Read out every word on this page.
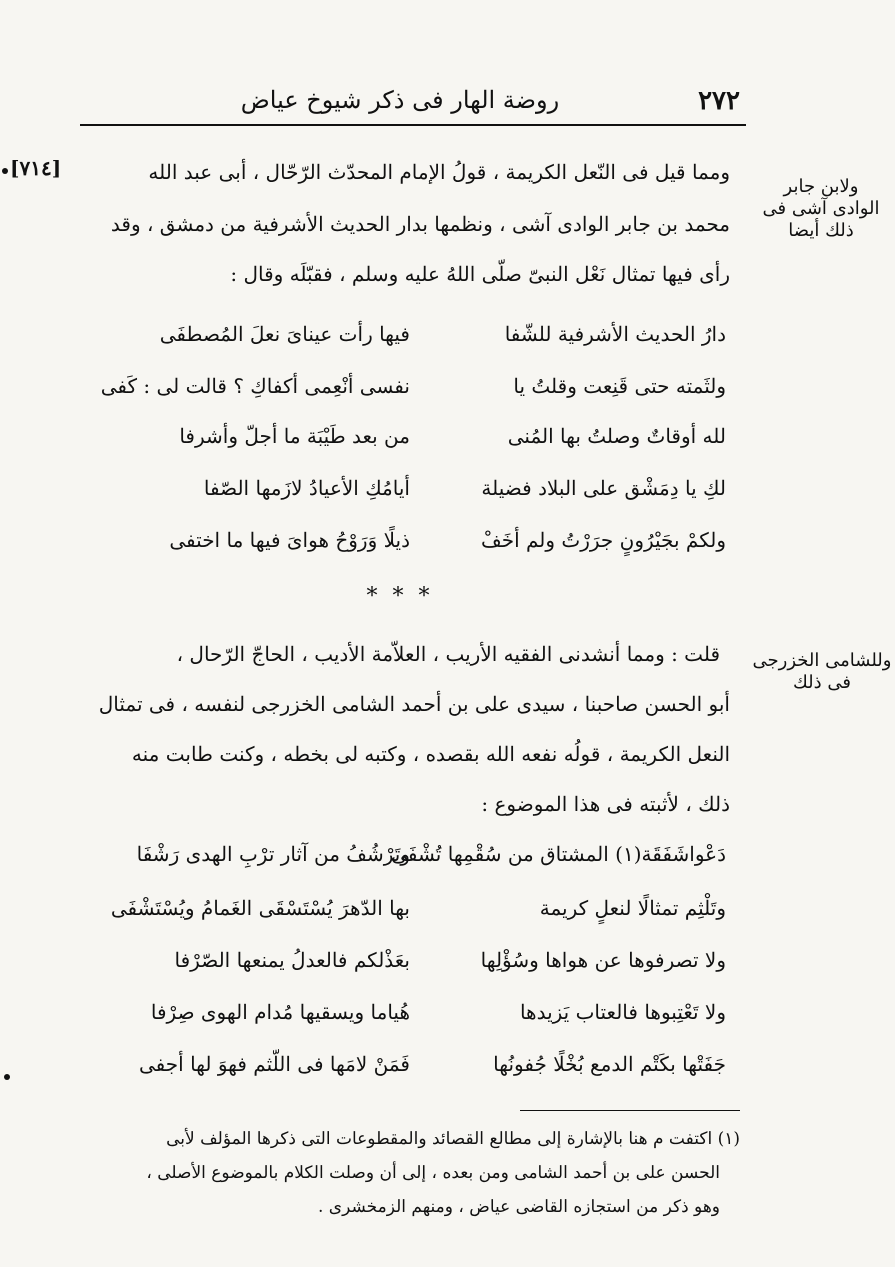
٢٧٢
روضة الهار فى ذكر شيوخ عياض
[٧١٤]
ولابن جابر
الوادى آشى فى
ذلك أيضا
ومما قيل فى النّعل الكريمة ، قولُ الإمام المحدّث الرّحّال ، أبى عبد الله
محمد بن جابر الوادى آشى ، ونظمها بدار الحديث الأشرفية من دمشق ، وقد
رأى فيها تمثال نَعْل النبىّ صلّى اللهُ عليه وسلم ، فقبّلَه وقال :
دارُ الحديث الأشرفية للشّفا
فيها رأت عيناىَ نعلَ المُصطفَى
ولثَمته حتى قَنِعت وقلتُ يا
نفسى أنْعِمى أكفاكِ ؟ قالت لى : كَفى
لله أوقاتٌ وصلتُ بها المُنى
من بعد طَيْبَة ما أجلّ وأشرفا
لكِ يا دِمَشْق على البلاد فضيلة
أيامُكِ الأعيادُ لازَمها الصّفا
ولكمْ بجَيْرُونٍ جرَرْتُ ولم أخَفْ
ذيلًا وَرَوْحُ هواىَ فيها ما اختفى
* * *
وللشامى الخزرجى
فى ذلك
قلت : ومما أنشدنى الفقيه الأريب ، العلاّمة الأديب ، الحاجّ الرّحال ،
أبو الحسن صاحبنا ، سيدى على بن أحمد الشامى الخزرجى لنفسه ، فى تمثال
النعل الكريمة ، قولُه نفعه الله بقصده ، وكتبه لى بخطه ، وكنت طابت منه
ذلك ، لأثبته فى هذا الموضوع :
دَعْواشَفَقَة(١) المشتاق من سُقْمِها تُشْفَى
وتَرْشُفُ من آثار ترْبِ الهدى رَشْفَا
وتَلْثِم تمثالًا لنعلٍ كريمة
بها الدّهرَ يُسْتَسْقَى الغَمامُ ويُسْتَشْفَى
ولا تصرفوها عن هواها وسُؤْلِها
بعَذْلكم فالعدلُ يمنعها الصّرْفا
ولا تَعْتِبوها فالعتاب يَزيدها
هُياما ويسقيها مُدام الهوى صِرْفا
جَفَتْها بكَتْم الدمع بُخْلًا جُفونُها
فَمَنْ لامَها فى اللّثم فهوَ لها أجفى
(١) اكتفت م هنا بالإشارة إلى مطالع القصائد والمقطوعات التى ذكرها المؤلف لأبى
الحسن على بن أحمد الشامى ومن بعده ، إلى أن وصلت الكلام بالموضوع الأصلى ،
وهو ذكر من استجازه القاضى عياض ، ومنهم الزمخشرى .
